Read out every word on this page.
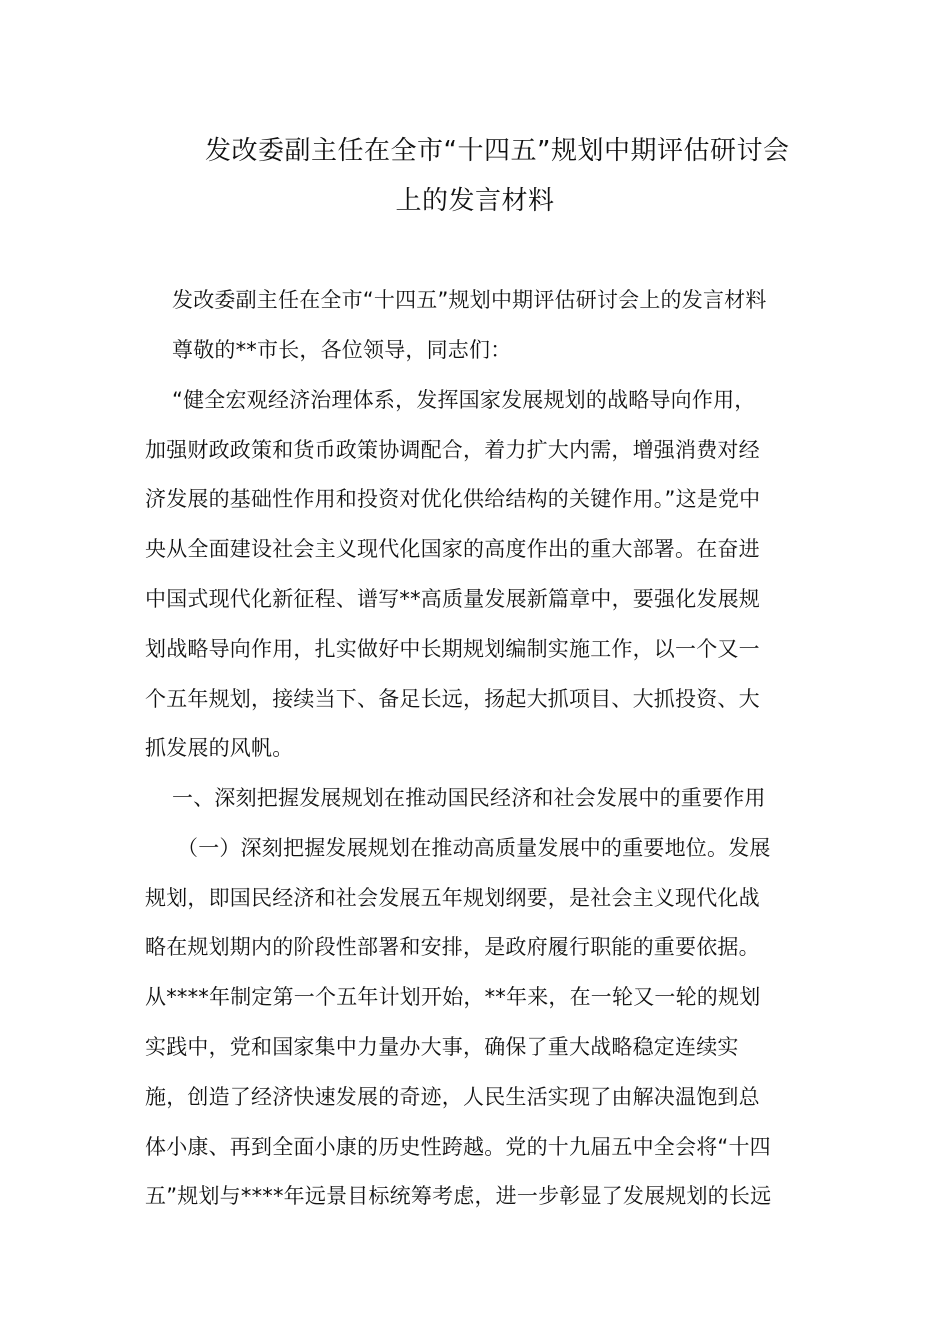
发改委副主任在全市“十四五”规划中期评估研讨会
上的发言材料
发改委副主任在全市“十四五”规划中期评估研讨会上的发言材料
尊敬的**市长，各位领导，同志们：
“健全宏观经济治理体系，发挥国家发展规划的战略导向作用，
加强财政政策和货币政策协调配合，着力扩大内需，增强消费对经
济发展的基础性作用和投资对优化供给结构的关键作用。”这是党中
央从全面建设社会主义现代化国家的高度作出的重大部署。在奋进
中国式现代化新征程、谱写**高质量发展新篇章中，要强化发展规
划战略导向作用，扎实做好中长期规划编制实施工作，以一个又一
个五年规划，接续当下、备足长远，扬起大抓项目、大抓投资、大
抓发展的风帆。
一、深刻把握发展规划在推动国民经济和社会发展中的重要作用
（一）深刻把握发展规划在推动高质量发展中的重要地位。发展
规划，即国民经济和社会发展五年规划纲要，是社会主义现代化战
略在规划期内的阶段性部署和安排，是政府履行职能的重要依据。
从****年制定第一个五年计划开始，**年来，在一轮又一轮的规划
实践中，党和国家集中力量办大事，确保了重大战略稳定连续实
施，创造了经济快速发展的奇迹，人民生活实现了由解决温饱到总
体小康、再到全面小康的历史性跨越。党的十九届五中全会将“十四
五”规划与****年远景目标统筹考虑，进一步彰显了发展规划的长远
